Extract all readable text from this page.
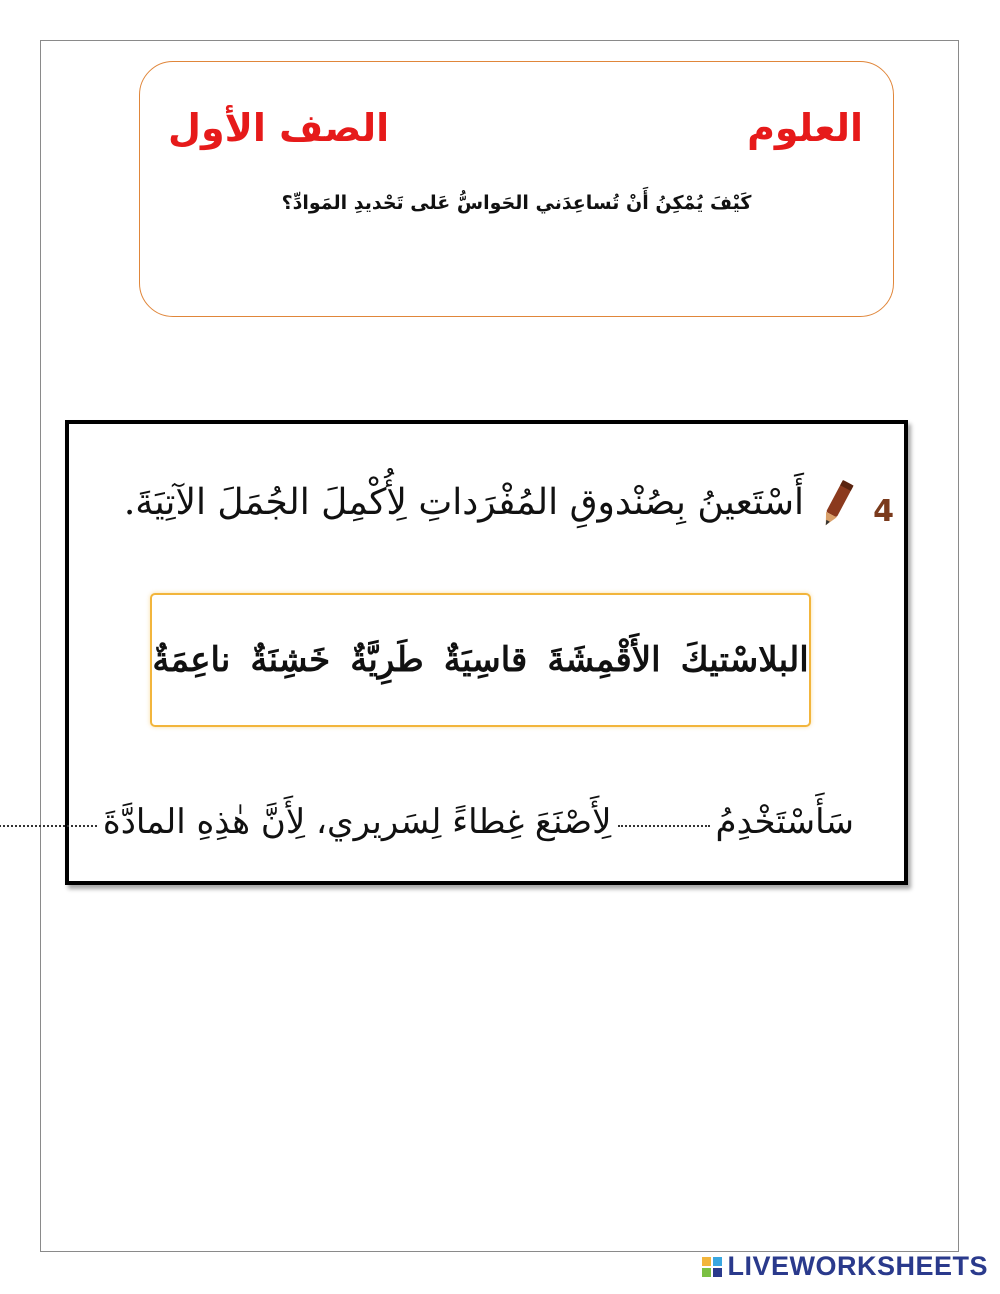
العلوم
الصف الأول
كَيْفَ يُمْكِنُ أَنْ تُساعِدَني الحَواسُّ عَلى تَحْديدِ المَوادِّ؟
4
أَسْتَعينُ بِصُنْدوقِ المُفْرَداتِ لِأُكْمِلَ الجُمَلَ الآتِيَةَ.
البلاسْتيكَ
الأَقْمِشَةَ
قاسِيَةٌ
طَرِيَّةٌ
خَشِنَةٌ
ناعِمَةٌ
سَأَسْتَخْدِمُ
لِأَصْنَعَ غِطاءً لِسَريري، لِأَنَّ هٰذِهِ المادَّةَ
LIVEWORKSHEETS
